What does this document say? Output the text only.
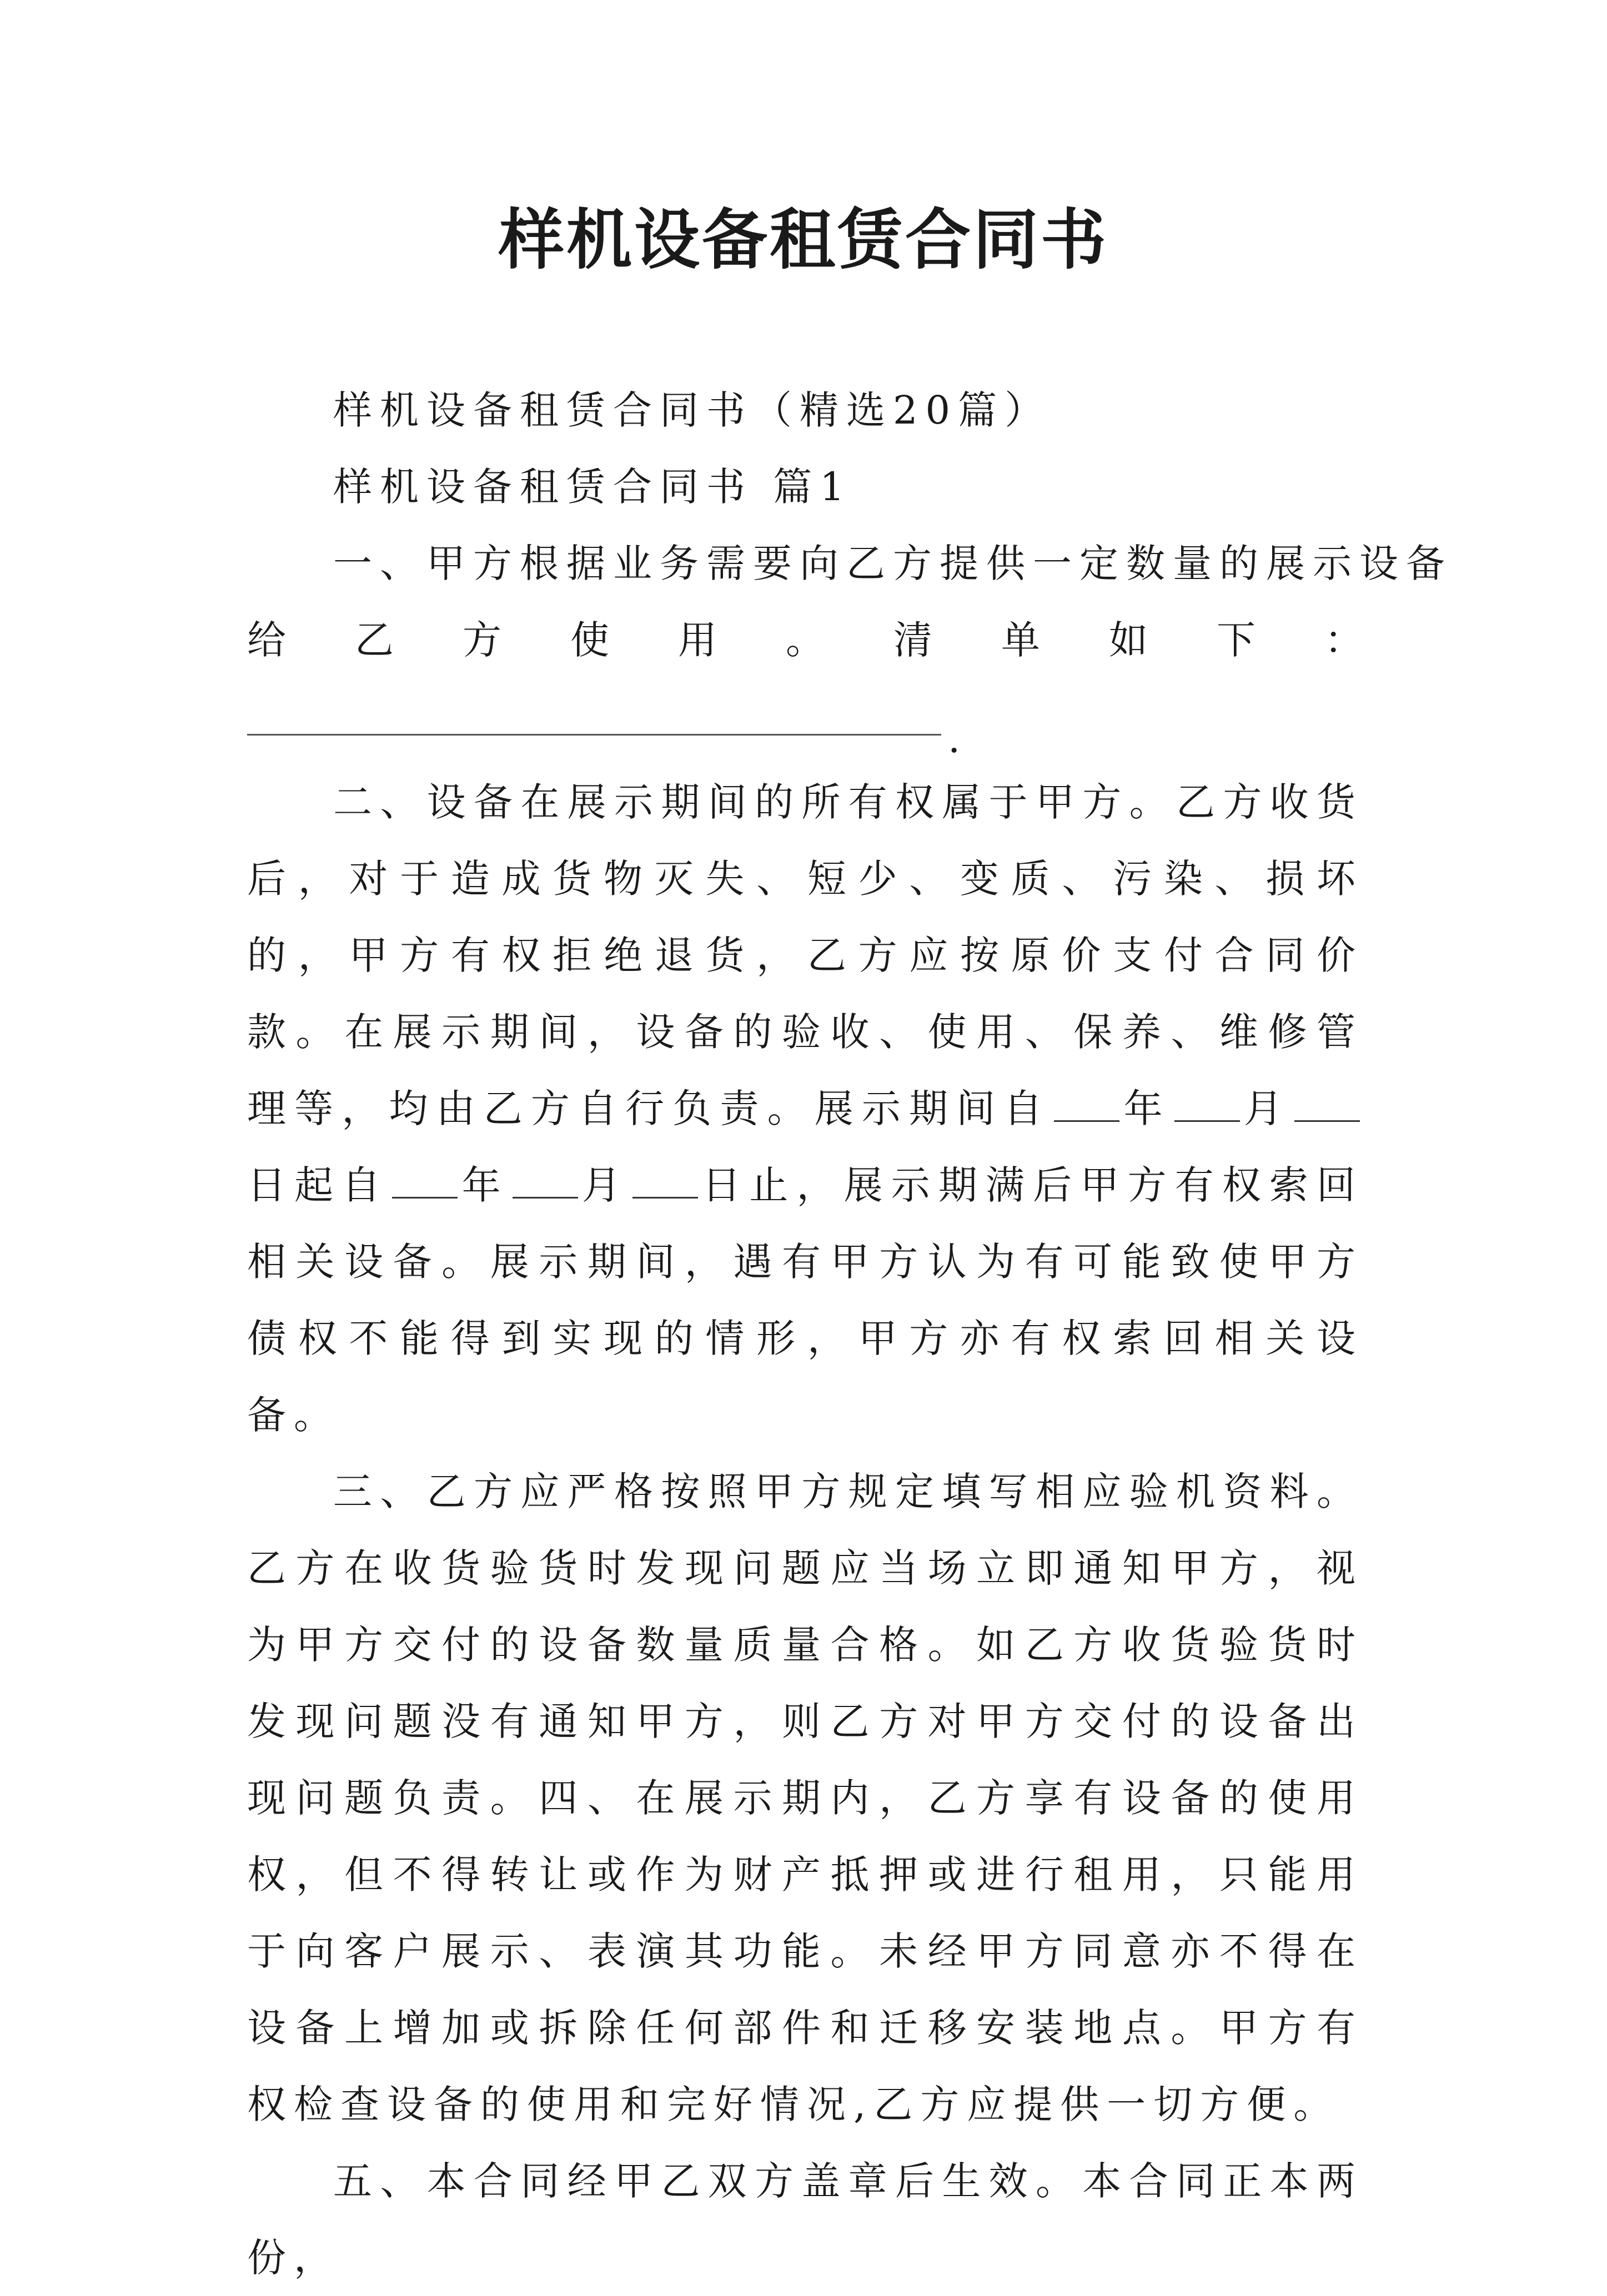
样机设备租赁合同书
样机设备租赁合同书（精选20篇）
样机设备租赁合同书 篇1
一、甲方根据业务需要向乙方提供一定数量的展示设备
给 乙 方 使 用 。 清 单 如 下 ：
.

二、设备在展示期间的所有权属于甲方。乙方收货后，对于造成货物灭失、短少、变质、污染、损坏的，甲方有权拒绝退货，乙方应按原价支付合同价款。在展示期间，设备的验收、使用、保养、维修管理等，均由乙方自行负责。展示期间自 年 月日起自 年 月 日止，展示期满后甲方有权索回相关设备。展示期间，遇有甲方认为有可能致使甲方债权不能得到实现的情形，甲方亦有权索回相关设备。

三、乙方应严格按照甲方规定填写相应验机资料。乙方在收货验货时发现问题应当场立即通知甲方，视为甲方交付的设备数量质量合格。如乙方收货验货时发现问题没有通知甲方，则乙方对甲方交付的设备出现问题负责。四、在展示期内，乙方享有设备的使用权，但不得转让或作为财产抵押或进行租用，只能用于向客户展示、表演其功能。未经甲方同意亦不得在设备上增加或拆除任何部件和迁移安装地点。甲方有权检查设备的使用和完好情况,乙方应提供一切方便。

五、本合同经甲乙双方盖章后生效。本合同正本两份，
